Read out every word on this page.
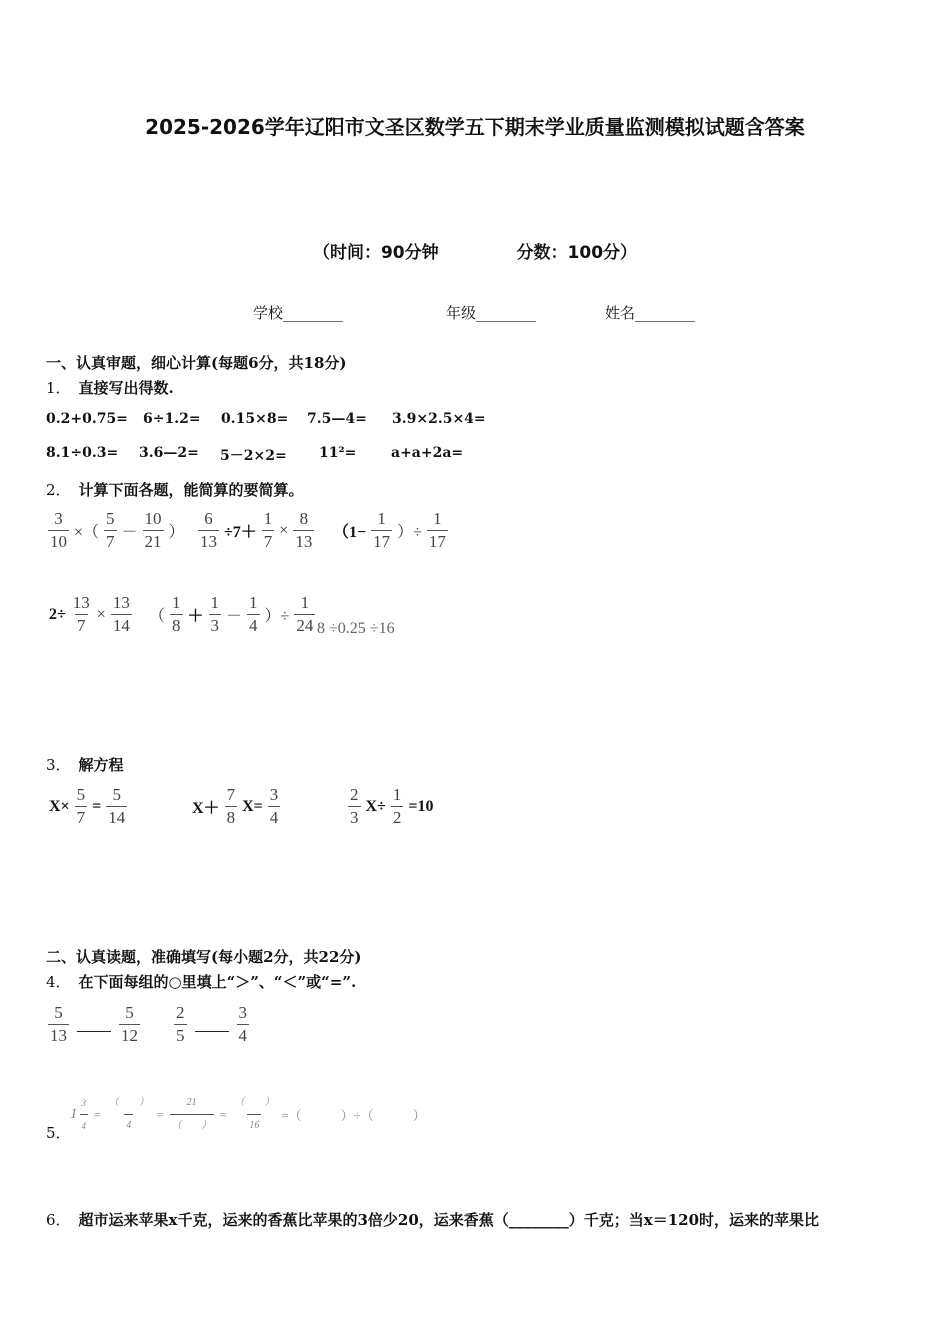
2025-2026学年辽阳市文圣区数学五下期末学业质量监测模拟试题含答案
（时间：90分钟	分数：100分）
学校________	年级________	姓名________
一、认真审题，细心计算(每题6分，共18分)
1． 直接写出得数.
0.2+0.75= 6÷1.2= 0.15×8= 7.5—4= 3.9×2.5×4=
8.1÷0.3= 3.6—2= 5－2×2= 11²= a+a+2a=
2． 计算下面各题，能简算的要简算。
$\frac{3}{10}$ ×（ $\frac{5}{7} - \frac{10}{21}$ ） $\frac{6}{13} \div 7+ \frac{1}{7} \times \frac{8}{13} (1- \frac{1}{17}$ ）÷ $\frac{1}{17}$
$2\div \frac{13}{7} \times \frac{13}{14}$ （ $\frac{1}{8} + \frac{1}{3} - \frac{1}{4}$ ）÷ $\frac{1}{24} 8 \div 0.25 \div 16$
3． 解方程
$X\times \frac{5}{7} = \frac{5}{14}$	$X+ \frac{7}{8} X= \frac{3}{4}$	$\frac{2}{3} X\div \frac{1}{2} =10$
二、认真读题，准确填写(每小题2分，共22分)
4． 在下面每组的○里填上“＞”、“＜”或“=”.
$\frac{5}{13}$	$\frac{5}{12} \frac{2}{5}$	$\frac{3}{4}$
5．
$1 \frac{3}{4} = \frac{( )}{4} = \frac{21}{( )} = \frac{( )}{16}$ =（　　　）÷（　　　）
6． 超市运来苹果x千克，运来的香蕉比苹果的3倍少20，运来香蕉（________）千克；当x＝120时，运来的苹果比
